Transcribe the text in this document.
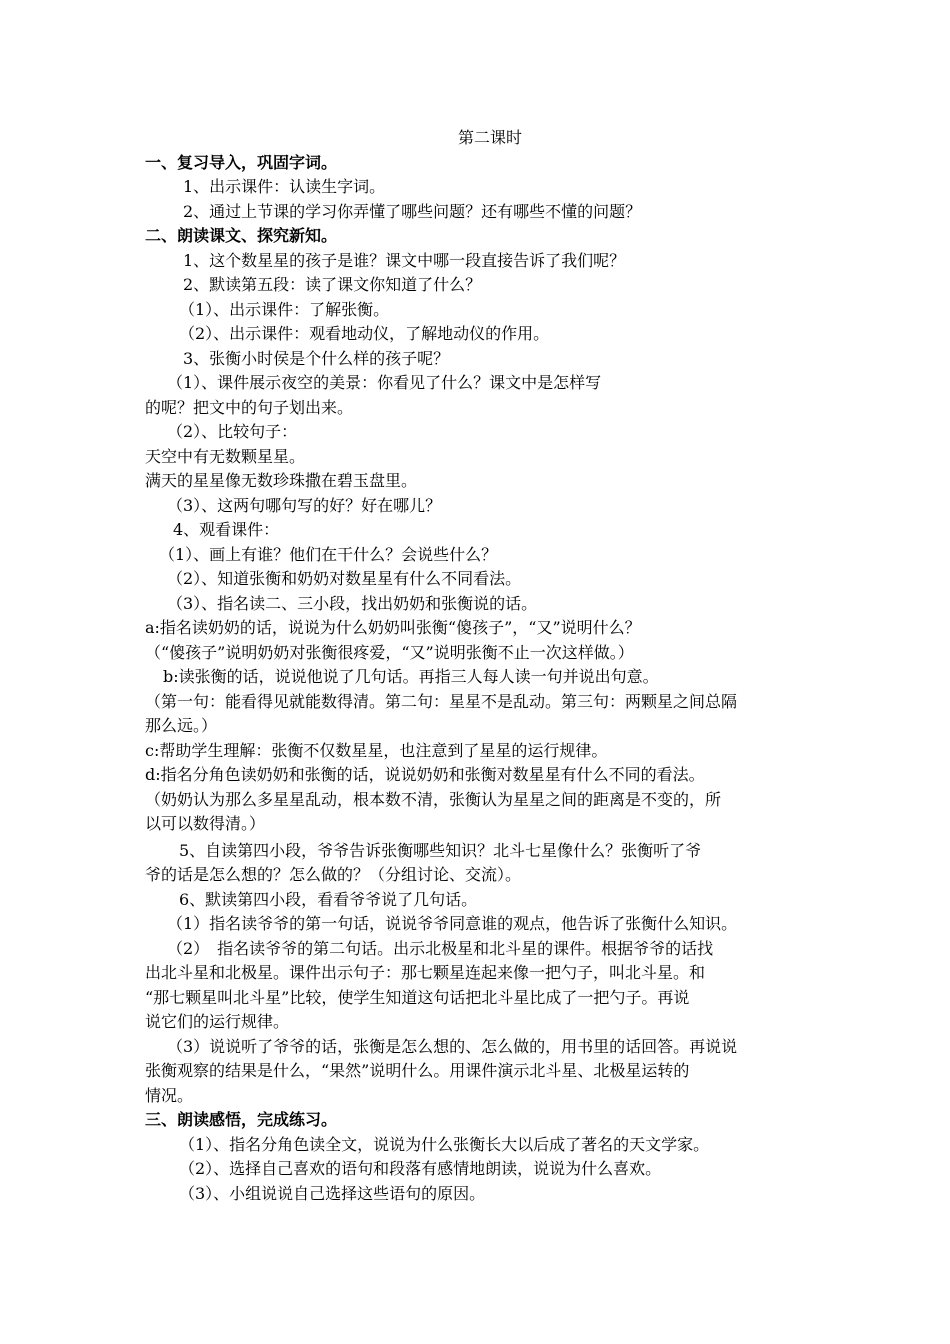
第二课时
一、复习导入，巩固字词。
1、出示课件：认读生字词。
2、通过上节课的学习你弄懂了哪些问题？还有哪些不懂的问题？
二、朗读课文、探究新知。
1、这个数星星的孩子是谁？课文中哪一段直接告诉了我们呢？
2、默读第五段：读了课文你知道了什么？
（1）、出示课件：了解张衡。
（2）、出示课件：观看地动仪，了解地动仪的作用。
3、张衡小时侯是个什么样的孩子呢？
（1）、课件展示夜空的美景：你看见了什么？课文中是怎样写
的呢？把文中的句子划出来。
（2）、比较句子：
天空中有无数颗星星。
满天的星星像无数珍珠撒在碧玉盘里。
（3）、这两句哪句写的好？好在哪儿？
4、观看课件：
（1）、画上有谁？他们在干什么？会说些什么？
（2）、知道张衡和奶奶对数星星有什么不同看法。
（3）、指名读二、三小段，找出奶奶和张衡说的话。
a:指名读奶奶的话，说说为什么奶奶叫张衡“傻孩子”，“又”说明什么？
（“傻孩子”说明奶奶对张衡很疼爱，“又”说明张衡不止一次这样做。）
b:读张衡的话，说说他说了几句话。再指三人每人读一句并说出句意。
（第一句：能看得见就能数得清。第二句：星星不是乱动。第三句：两颗星之间总隔
那么远。）
c:帮助学生理解：张衡不仅数星星，也注意到了星星的运行规律。
d:指名分角色读奶奶和张衡的话，说说奶奶和张衡对数星星有什么不同的看法。
（奶奶认为那么多星星乱动，根本数不清，张衡认为星星之间的距离是不变的，所
以可以数得清。）
5、自读第四小段，爷爷告诉张衡哪些知识？北斗七星像什么？张衡听了爷
爷的话是怎么想的？怎么做的？（分组讨论、交流）。
6、默读第四小段，看看爷爷说了几句话。
（1）指名读爷爷的第一句话，说说爷爷同意谁的观点，他告诉了张衡什么知识。
（2）　指名读爷爷的第二句话。出示北极星和北斗星的课件。根据爷爷的话找
出北斗星和北极星。课件出示句子：那七颗星连起来像一把勺子，叫北斗星。和
“那七颗星叫北斗星”比较，使学生知道这句话把北斗星比成了一把勺子。再说
说它们的运行规律。
（3）说说听了爷爷的话，张衡是怎么想的、怎么做的，用书里的话回答。再说说
张衡观察的结果是什么，“果然”说明什么。用课件演示北斗星、北极星运转的
情况。
三、朗读感悟，完成练习。
（1）、指名分角色读全文，说说为什么张衡长大以后成了著名的天文学家。
（2）、选择自己喜欢的语句和段落有感情地朗读，说说为什么喜欢。
（3）、小组说说自己选择这些语句的原因。
